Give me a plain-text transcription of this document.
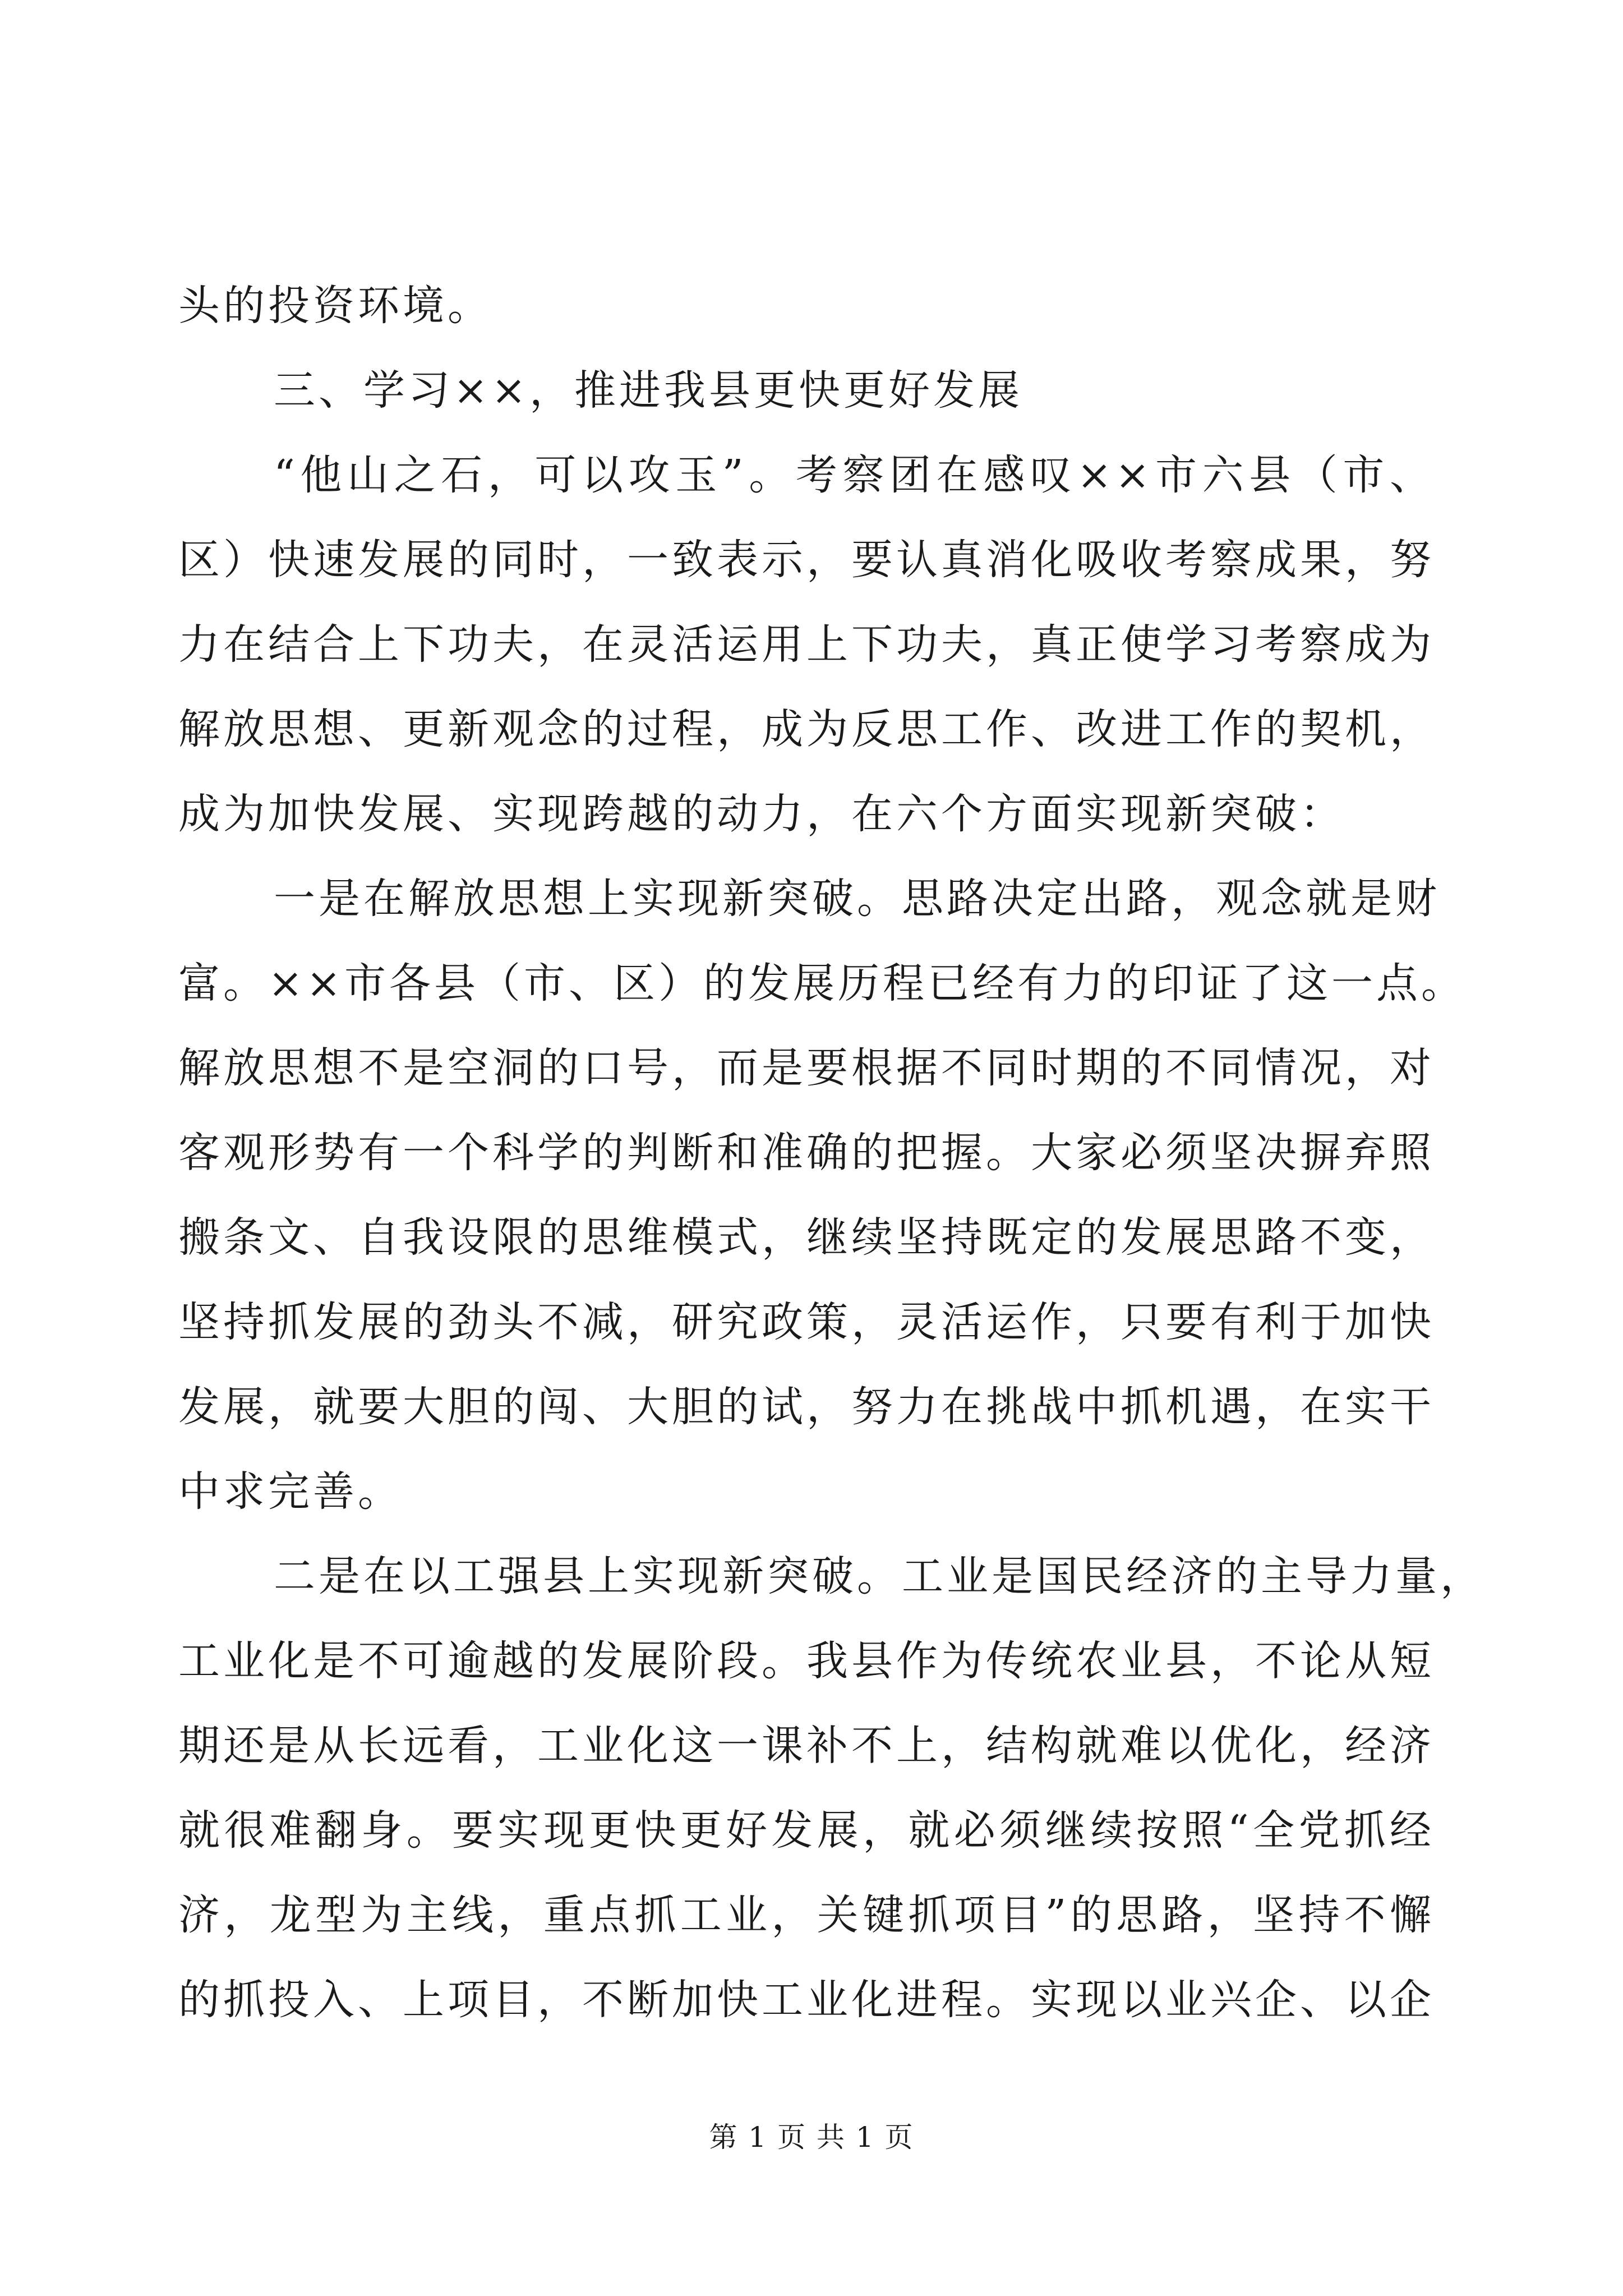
头的投资环境。
三、学习××，推进我县更快更好发展
“他山之石，可以攻玉”。考察团在感叹××市六县（市、
区）快速发展的同时，一致表示，要认真消化吸收考察成果，努
力在结合上下功夫，在灵活运用上下功夫，真正使学习考察成为
解放思想、更新观念的过程，成为反思工作、改进工作的契机，
成为加快发展、实现跨越的动力，在六个方面实现新突破：
一是在解放思想上实现新突破。思路决定出路，观念就是财
富。××市各县（市、区）的发展历程已经有力的印证了这一点。
解放思想不是空洞的口号，而是要根据不同时期的不同情况，对
客观形势有一个科学的判断和准确的把握。大家必须坚决摒弃照
搬条文、自我设限的思维模式，继续坚持既定的发展思路不变，
坚持抓发展的劲头不减，研究政策，灵活运作，只要有利于加快
发展，就要大胆的闯、大胆的试，努力在挑战中抓机遇，在实干
中求完善。
二是在以工强县上实现新突破。工业是国民经济的主导力量，
工业化是不可逾越的发展阶段。我县作为传统农业县，不论从短
期还是从长远看，工业化这一课补不上，结构就难以优化，经济
就很难翻身。要实现更快更好发展，就必须继续按照“全党抓经
济，龙型为主线，重点抓工业，关键抓项目”的思路，坚持不懈
的抓投入、上项目，不断加快工业化进程。实现以业兴企、以企
第 1 页 共 1 页
